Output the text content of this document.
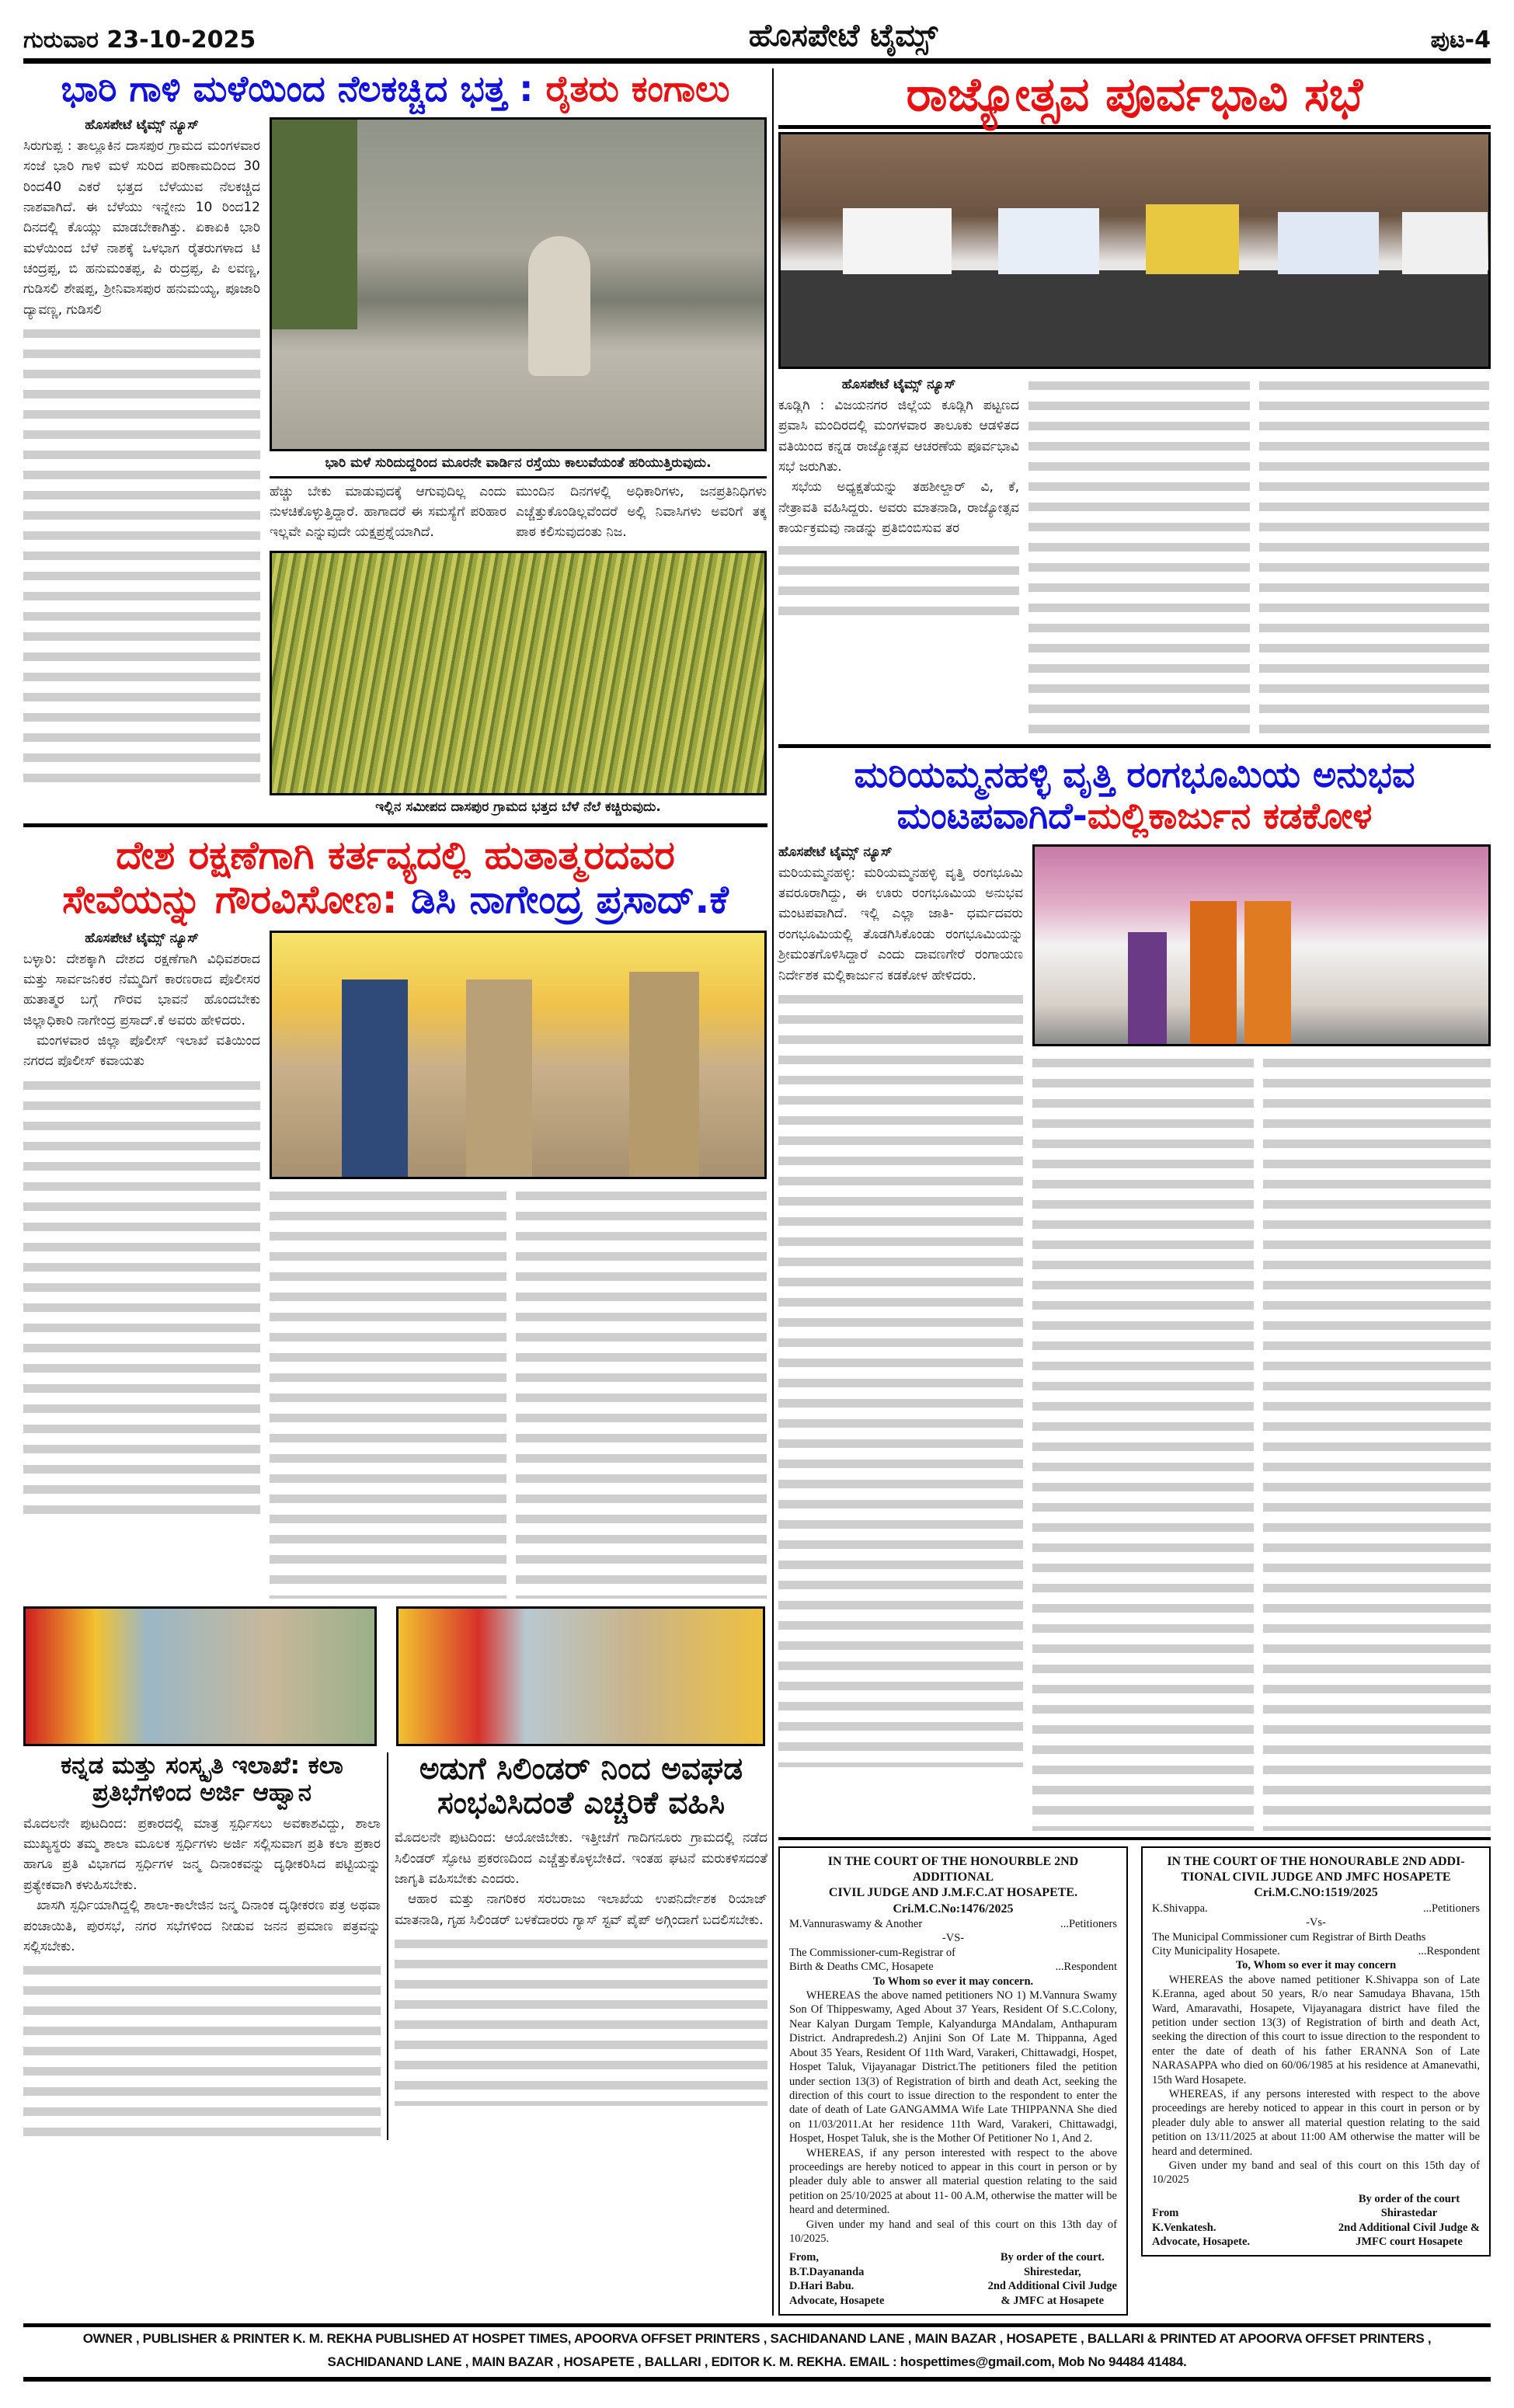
ಗುರುವಾರ 23-10-2025	ಹೊಸಪೇಟೆ ಟೈಮ್ಸ್	ಪುಟ-4
ಭಾರಿ ಗಾಳಿ ಮಳೆಯಿಂದ ನೆಲಕಚ್ಚಿದ ಭತ್ತ : ರೈತರು ಕಂಗಾಲು
ಹೊಸಪೇಟೆ ಟೈಮ್ಸ್ ನ್ಯೂಸ್
ಸಿರುಗುಪ್ಪ : ತಾಲ್ಲೂಕಿನ ದಾಸಪುರ ಗ್ರಾಮದ ಮಂಗಳವಾರ ಸಂಜೆ ಭಾರಿ ಗಾಳಿ ಮಳೆ ಸುರಿದ ಪರಿಣಾಮದಿಂದ 30 ರಿಂದ40 ಎಕರೆ ಭತ್ತದ ಬೆಳೆಯುವ ನೆಲಕಚ್ಚಿದ ನಾಶವಾಗಿದೆ. ಈ ಬೆಳೆಯು ಇನ್ನೇನು 10 ರಿಂದ12 ದಿನದಲ್ಲಿ ಕೊಯ್ಲು ಮಾಡಬೇಕಾಗಿತ್ತು. ಏಕಾಏಕಿ ಭಾರಿ ಮಳೆಯಿಂದ ಬೆಳೆ ನಾಶಕ್ಕೆ ಒಳಭಾಗ ರೈತರುಗಳಾದ ಟಿ ಚಂದ್ರಪ್ಪ, ಬಿ ಹನುಮಂತಪ್ಪ, ಪಿ ರುದ್ರಪ್ಪ, ಪಿ ಲವಣ್ಣ, ಗುಡಿಸಲಿ ಶೇಷಪ್ಪ, ಶ್ರೀನಿವಾಸಪುರ ಹನುಮಯ್ಯ, ಪೂಜಾರಿ ದ್ಯಾವಣ್ಣ, ಗುಡಿಸಲಿ
ಭಾರಿ ಮಳೆ ಸುರಿದುದ್ದರಿಂದ ಮೂರನೇ ವಾರ್ಡಿನ ರಸ್ತೆಯು ಕಾಲುವೆಯಂತೆ ಹರಿಯುತ್ತಿರುವುದು.
ಹೆಚ್ಚು ಬೇಕು ಮಾಡುವುದಕ್ಕೆ ಆಗುವುದಿಲ್ಲ ಎಂದು ನುಳಚಿಕೊಳ್ಳುತ್ತಿದ್ದಾರೆ. ಹಾಗಾದರೆ ಈ ಸಮಸ್ಯೆಗೆ ಪರಿಹಾರ ಇಲ್ಲವೇ ಎನ್ನುವುದೇ ಯಕ್ಷಪ್ರಶ್ನೆಯಾಗಿದೆ.
ಮುಂದಿನ ದಿನಗಳಲ್ಲಿ ಅಧಿಕಾರಿಗಳು, ಜನಪ್ರತಿನಿಧಿಗಳು ಎಚ್ಚೆತ್ತುಕೊಂಡಿಲ್ಲವೆಂದರೆ ಅಲ್ಲಿ ನಿವಾಸಿಗಳು ಅವರಿಗೆ ತಕ್ಕ ಪಾಠ ಕಲಿಸುವುದಂತು ನಿಜ.
ಇಲ್ಲಿನ ಸಮೀಪದ ದಾಸಪುರ ಗ್ರಾಮದ ಭತ್ತದ ಬೆಳೆ ನೆಲೆ ಕಚ್ಚಿರುವುದು.
ದೇಶ ರಕ್ಷಣೆಗಾಗಿ ಕರ್ತವ್ಯದಲ್ಲಿ ಹುತಾತ್ಮರದವರ
ಸೇವೆಯನ್ನು ಗೌರವಿಸೋಣ: ಡಿಸಿ ನಾಗೇಂದ್ರ ಪ್ರಸಾದ್.ಕೆ
ಹೊಸಪೇಟೆ ಟೈಮ್ಸ್ ನ್ಯೂಸ್
ಬಳ್ಳಾರಿ: ದೇಶಕ್ಕಾಗಿ ದೇಶದ ರಕ್ಷಣೆಗಾಗಿ ವಿಧಿವಶರಾದ ಮತ್ತು ಸಾರ್ವಜನಿಕರ ನೆಮ್ಮದಿಗೆ ಕಾರಣರಾದ ಪೊಲೀಸರ ಹುತಾತ್ಮರ ಬಗ್ಗೆ ಗೌರವ ಭಾವನೆ ಹೊಂದಬೇಕು ಜಿಲ್ಲಾಧಿಕಾರಿ ನಾಗೇಂದ್ರ ಪ್ರಸಾದ್.ಕೆ ಅವರು ಹೇಳಿದರು.
ಮಂಗಳವಾರ ಜಿಲ್ಲಾ ಪೊಲೀಸ್ ಇಲಾಖೆ ವತಿಯಿಂದ ನಗರದ ಪೊಲೀಸ್ ಕವಾಯತು
ಕನ್ನಡ ಮತ್ತು ಸಂಸ್ಕೃತಿ ಇಲಾಖೆ: ಕಲಾ ಪ್ರತಿಭೆಗಳಿಂದ ಅರ್ಜಿ ಆಹ್ವಾನ
ಮೊದಲನೇ ಪುಟದಿಂದ: ಪ್ರಕಾರದಲ್ಲಿ ಮಾತ್ರ ಸ್ಪರ್ಧಿಸಲು ಅವಕಾಶವಿದ್ದು, ಶಾಲಾ ಮುಖ್ಯಸ್ಥರು ತಮ್ಮ ಶಾಲಾ ಮೂಲಕ ಸ್ಪರ್ಧಿಗಳು ಅರ್ಜಿ ಸಲ್ಲಿಸುವಾಗ ಪ್ರತಿ ಕಲಾ ಪ್ರಕಾರ ಹಾಗೂ ಪ್ರತಿ ವಿಭಾಗದ ಸ್ಪರ್ಧಿಗಳ ಜನ್ಮ ದಿನಾಂಕವನ್ನು ದೃಢೀಕರಿಸಿದ ಪಟ್ಟಿಯನ್ನು ಪ್ರತ್ಯೇಕವಾಗಿ ಕಳುಹಿಸಬೇಕು.
ಖಾಸಗಿ ಸ್ಪರ್ಧಿಯಾಗಿದ್ದಲ್ಲಿ ಶಾಲಾ-ಕಾಲೇಜಿನ ಜನ್ಮ ದಿನಾಂಕ ದೃಢೀಕರಣ ಪತ್ರ ಅಥವಾ ಪಂಚಾಯಿತಿ, ಪುರಸಭೆ, ನಗರ ಸಭೆಗಳಿಂದ ನೀಡುವ ಜನನ ಪ್ರಮಾಣ ಪತ್ರವನ್ನು ಸಲ್ಲಿಸಬೇಕು.
ಅಡುಗೆ ಸಿಲಿಂಡರ್ ನಿಂದ ಅವಘಡ ಸಂಭವಿಸಿದಂತೆ ಎಚ್ಚರಿಕೆ ವಹಿಸಿ
ಮೊದಲನೇ ಪುಟದಿಂದ: ಆಯೋಜಿಬೇಕು. ಇತ್ತೀಚೆಗೆ ಗಾದಿಗನೂರು ಗ್ರಾಮದಲ್ಲಿ ನಡೆದ ಸಿಲಿಂಡರ್ ಸ್ಫೋಟ ಪ್ರಕರಣದಿಂದ ಎಚ್ಚೆತ್ತುಕೊಳ್ಳಬೇಕಿದೆ. ಇಂತಹ ಘಟನೆ ಮರುಕಳಿಸದಂತೆ ಜಾಗೃತಿ ವಹಿಸಬೇಕು ಎಂದರು.
ಆಹಾರ ಮತ್ತು ನಾಗರಿಕರ ಸರಬರಾಜು ಇಲಾಖೆಯ ಉಪನಿರ್ದೇಶಕ ರಿಯಾಜ್ ಮಾತನಾಡಿ, ಗೃಹ ಸಿಲಿಂಡರ್ ಬಳಕೆದಾರರು ಗ್ಯಾಸ್ ಸ್ಟವ್ ಪೈಪ್ ಅಗ್ಗಿಂದಾಗೆ ಬದಲಿಸಬೇಕು.
ರಾಜ್ಯೋತ್ಸವ ಪೂರ್ವಭಾವಿ ಸಭೆ
ಹೊಸಪೇಟೆ ಟೈಮ್ಸ್ ನ್ಯೂಸ್
ಕೂಡ್ಲಿಗಿ : ವಿಜಯನಗರ ಜಿಲ್ಲೆಯ ಕೂಡ್ಲಿಗಿ ಪಟ್ಟಣದ ಪ್ರವಾಸಿ ಮಂದಿರದಲ್ಲಿ ಮಂಗಳವಾರ ತಾಲೂಕು ಆಡಳಿತದ ವತಿಯಿಂದ ಕನ್ನಡ ರಾಜ್ಯೋತ್ಸವ ಆಚರಣೆಯ ಪೂರ್ವಭಾವಿ ಸಭೆ ಜರುಗಿತು.
ಸಭೆಯ ಅಧ್ಯಕ್ಷತೆಯನ್ನು ತಹಶೀಲ್ದಾರ್ ವಿ, ಕೆ, ನೇತ್ರಾವತಿ ವಹಿಸಿದ್ದರು. ಅವರು ಮಾತನಾಡಿ, ರಾಜ್ಯೋತ್ಸವ ಕಾರ್ಯಕ್ರಮವು ನಾಡನ್ನು ಪ್ರತಿಬಿಂಬಿಸುವ ತರ
ಮರಿಯಮ್ಮನಹಳ್ಳಿ ವೃತ್ತಿ ರಂಗಭೂಮಿಯ ಅನುಭವ
ಮಂಟಪವಾಗಿದೆ-ಮಲ್ಲಿಕಾರ್ಜುನ ಕಡಕೋಳ
ಹೊಸಪೇಟೆ ಟೈಮ್ಸ್ ನ್ಯೂಸ್
ಮರಿಯಮ್ಮನಹಳ್ಳಿ: ಮರಿಯಮ್ಮನಹಳ್ಳಿ ವೃತ್ತಿ ರಂಗಭೂಮಿ ತವರೂರಾಗಿದ್ದು, ಈ ಊರು ರಂಗಭೂಮಿಯ ಅನುಭವ ಮಂಟಪವಾಗಿದೆ. ಇಲ್ಲಿ ಎಲ್ಲಾ ಜಾತಿ- ಧರ್ಮದವರು ರಂಗಭೂಮಿಯಲ್ಲಿ ತೊಡಗಿಸಿಕೊಂಡು ರಂಗಭೂಮಿಯನ್ನು ಶ್ರೀಮಂತಗೊಳಿಸಿದ್ದಾರೆ ಎಂದು ದಾವಣಗೇರೆ ರಂಗಾಯಣ ನಿರ್ದೇಶಕ ಮಲ್ಲಿಕಾರ್ಜುನ ಕಡಕೋಳ ಹೇಳಿದರು.
IN THE COURT OF THE HONOURBLE 2ND ADDITIONAL
CIVIL JUDGE AND J.M.F.C.AT HOSAPETE.
Cri.M.C.No:1476/2025
M.Vannuraswamy & Another	...Petitioners
-VS-
The Commissioner-cum-Registrar of
Birth & Deaths CMC, Hosapete	...Respondent
To Whom so ever it may concern.

WHEREAS the above named petitioners NO 1) M.Vannura Swamy Son Of Thippeswamy, Aged About 37 Years, Resident Of S.C.Colony, Near Kalyan Durgam Temple, Kalyandurga MAndalam, Anthapuram District. Andrapredesh.2) Anjini Son Of Late M. Thippanna, Aged About 35 Years, Resident Of 11th Ward, Varakeri, Chittawadgi, Hospet, Hospet Taluk, Vijayanagar District.The petitioners filed the petition under section 13(3) of Registration of birth and death Act, seeking the direction of this court to issue direction to the respondent to enter the date of death of Late GANGAMMA Wife Late THIPPANNA She died on 11/03/2011.At her residence 11th Ward, Varakeri, Chittawadgi, Hospet, Hospet Taluk, she is the Mother Of Petitioner No 1, And 2.

WHEREAS, if any person interested with respect to the above proceedings are hereby noticed to appear in this court in person or by pleader duly able to answer all material question relating to the said petition on 25/10/2025 at about 11- 00 A.M, otherwise the matter will be heard and determined.

Given under my hand and seal of this court on this 13th day of 10/2025.

From,
B.T.Dayananda
D.Hari Babu.
Advocate, Hosapete
By order of the court.
Shirestedar,
2nd Additional Civil Judge
& JMFC at Hosapete
IN THE COURT OF THE HONOURABLE 2ND ADDI-
TIONAL CIVIL JUDGE AND JMFC HOSAPETE
Cri.M.C.NO:1519/2025
K.Shivappa.	...Petitioners
-Vs-
The Municipal Commissioner cum Registrar of Birth Deaths
City Municipality Hosapete.	...Respondent
To, Whom so ever it may concern

WHEREAS the above named petitioner K.Shivappa son of Late K.Eranna, aged about 50 years, R/o near Samudaya Bhavana, 15th Ward, Amaravathi, Hosapete, Vijayanagara district have filed the petition under section 13(3) of Registration of birth and death Act, seeking the direction of this court to issue direction to the respondent to enter the date of death of his father ERANNA Son of Late NARASAPPA who died on 60/06/1985 at his residence at Amanevathi, 15th Ward Hosapete.

WHEREAS, if any persons interested with respect to the above proceedings are hereby noticed to appear in this court in person or by pleader duly able to answer all material question relating to the said petition on 13/11/2025 at about 11:00 AM otherwise the matter will be heard and determined.

Given under my band and seal of this court on this 15th day of 10/2025

From
K.Venkatesh.
Advocate, Hosapete.
By order of the court
Shirastedar
2nd Additional Civil Judge &
JMFC court Hosapete
OWNER , PUBLISHER & PRINTER K. M. REKHA PUBLISHED AT HOSPET TIMES, APOORVA OFFSET PRINTERS , SACHIDANAND LANE , MAIN BAZAR , HOSAPETE , BALLARI & PRINTED AT APOORVA OFFSET PRINTERS ,
SACHIDANAND LANE , MAIN BAZAR , HOSAPETE , BALLARI , EDITOR K. M. REKHA. EMAIL : hospettimes@gmail.com, Mob No 94484 41484.
